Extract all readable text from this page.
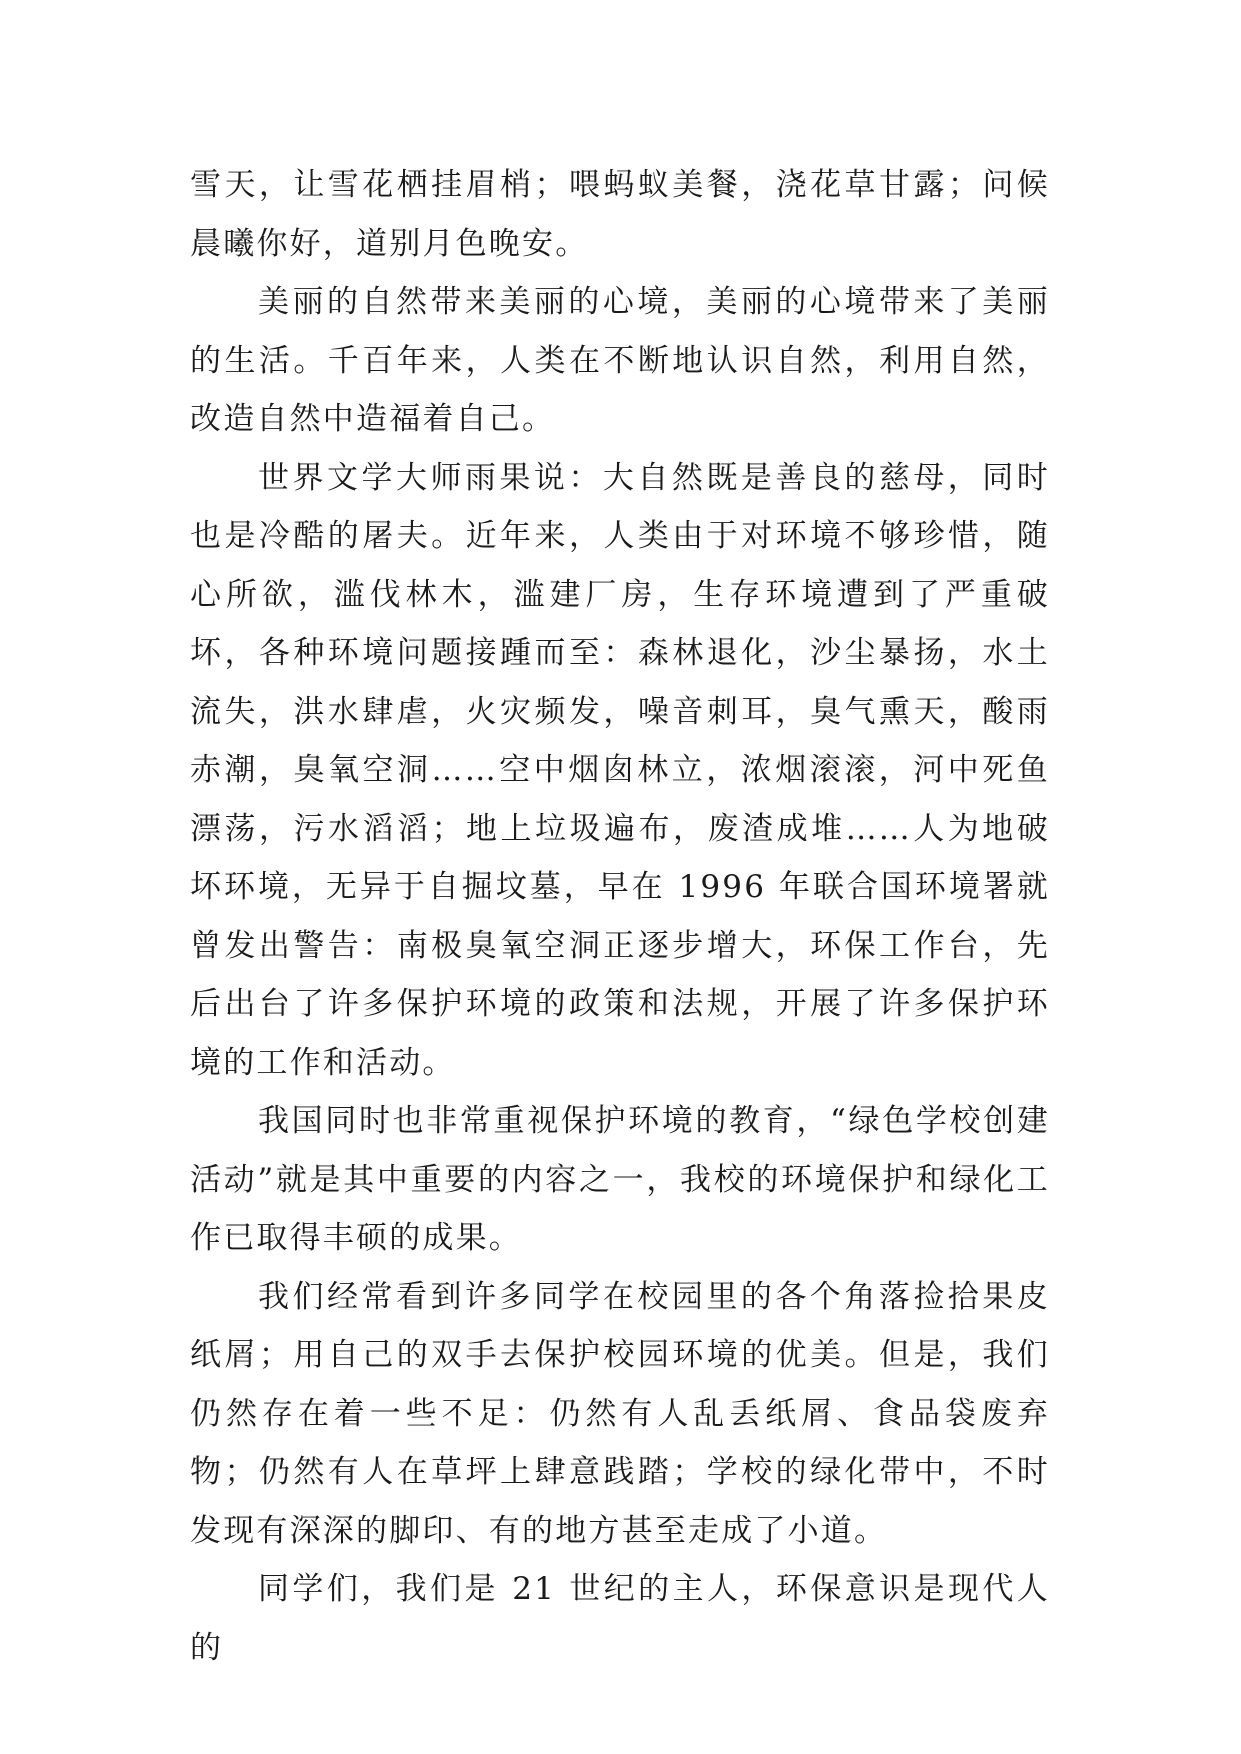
雪天，让雪花栖挂眉梢；喂蚂蚁美餐，浇花草甘露；问候晨曦你好，道别月色晚安。

美丽的自然带来美丽的心境，美丽的心境带来了美丽的生活。千百年来，人类在不断地认识自然，利用自然，改造自然中造福着自己。

世界文学大师雨果说：大自然既是善良的慈母，同时也是冷酷的屠夫。近年来，人类由于对环境不够珍惜，随心所欲，滥伐林木，滥建厂房，生存环境遭到了严重破坏，各种环境问题接踵而至：森林退化，沙尘暴扬，水土流失，洪水肆虐，火灾频发，噪音刺耳，臭气熏天，酸雨赤潮，臭氧空洞……空中烟囱林立，浓烟滚滚，河中死鱼漂荡，污水滔滔；地上垃圾遍布，废渣成堆……人为地破坏环境，无异于自掘坟墓，早在 1996 年联合国环境署就曾发出警告：南极臭氧空洞正逐步增大，环保工作台，先后出台了许多保护环境的政策和法规，开展了许多保护环境的工作和活动。

我国同时也非常重视保护环境的教育，“绿色学校创建活动”就是其中重要的内容之一，我校的环境保护和绿化工作已取得丰硕的成果。

我们经常看到许多同学在校园里的各个角落捡拾果皮纸屑；用自己的双手去保护校园环境的优美。但是，我们仍然存在着一些不足：仍然有人乱丢纸屑、食品袋废弃物；仍然有人在草坪上肆意践踏；学校的绿化带中，不时发现有深深的脚印、有的地方甚至走成了小道。

同学们，我们是 21 世纪的主人，环保意识是现代人的
